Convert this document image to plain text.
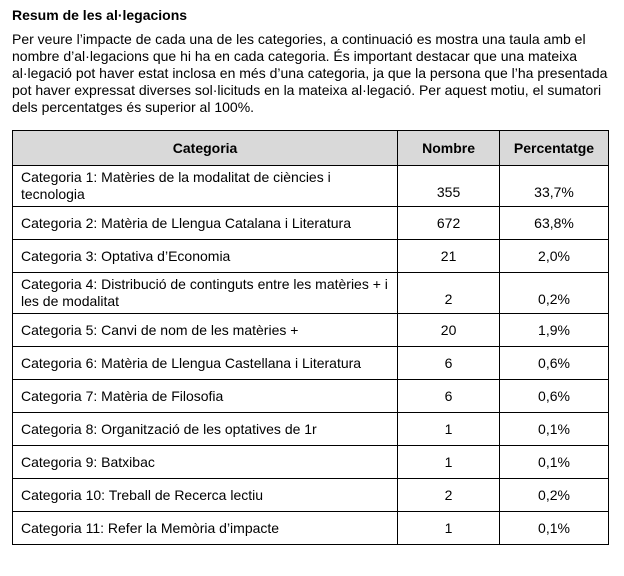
Resum de les al·legacions

Per veure l’impacte de cada una de les categories, a continuació es mostra una taula amb el nombre d’al·legacions que hi ha en cada categoria. És important destacar que una mateixa al·legació pot haver estat inclosa en més d’una categoria, ja que la persona que l’ha presentada pot haver expressat diverses sol·licituds en la mateixa al·legació. Per aquest motiu, el sumatori dels percentatges és superior al 100%.

Categoria	Nombre	Percentatge
Categoria 1: Matèries de la modalitat de ciències i tecnologia	355	33,7%
Categoria 2: Matèria de Llengua Catalana i Literatura	672	63,8%
Categoria 3: Optativa d’Economia	21	2,0%
Categoria 4: Distribució de continguts entre les matèries + i les de modalitat	2	0,2%
Categoria 5: Canvi de nom de les matèries +	20	1,9%
Categoria 6: Matèria de Llengua Castellana i Literatura	6	0,6%
Categoria 7: Matèria de Filosofia	6	0,6%
Categoria 8: Organització de les optatives de 1r	1	0,1%
Categoria 9: Batxibac	1	0,1%
Categoria 10: Treball de Recerca lectiu	2	0,2%
Categoria 11: Refer la Memòria d’impacte	1	0,1%
